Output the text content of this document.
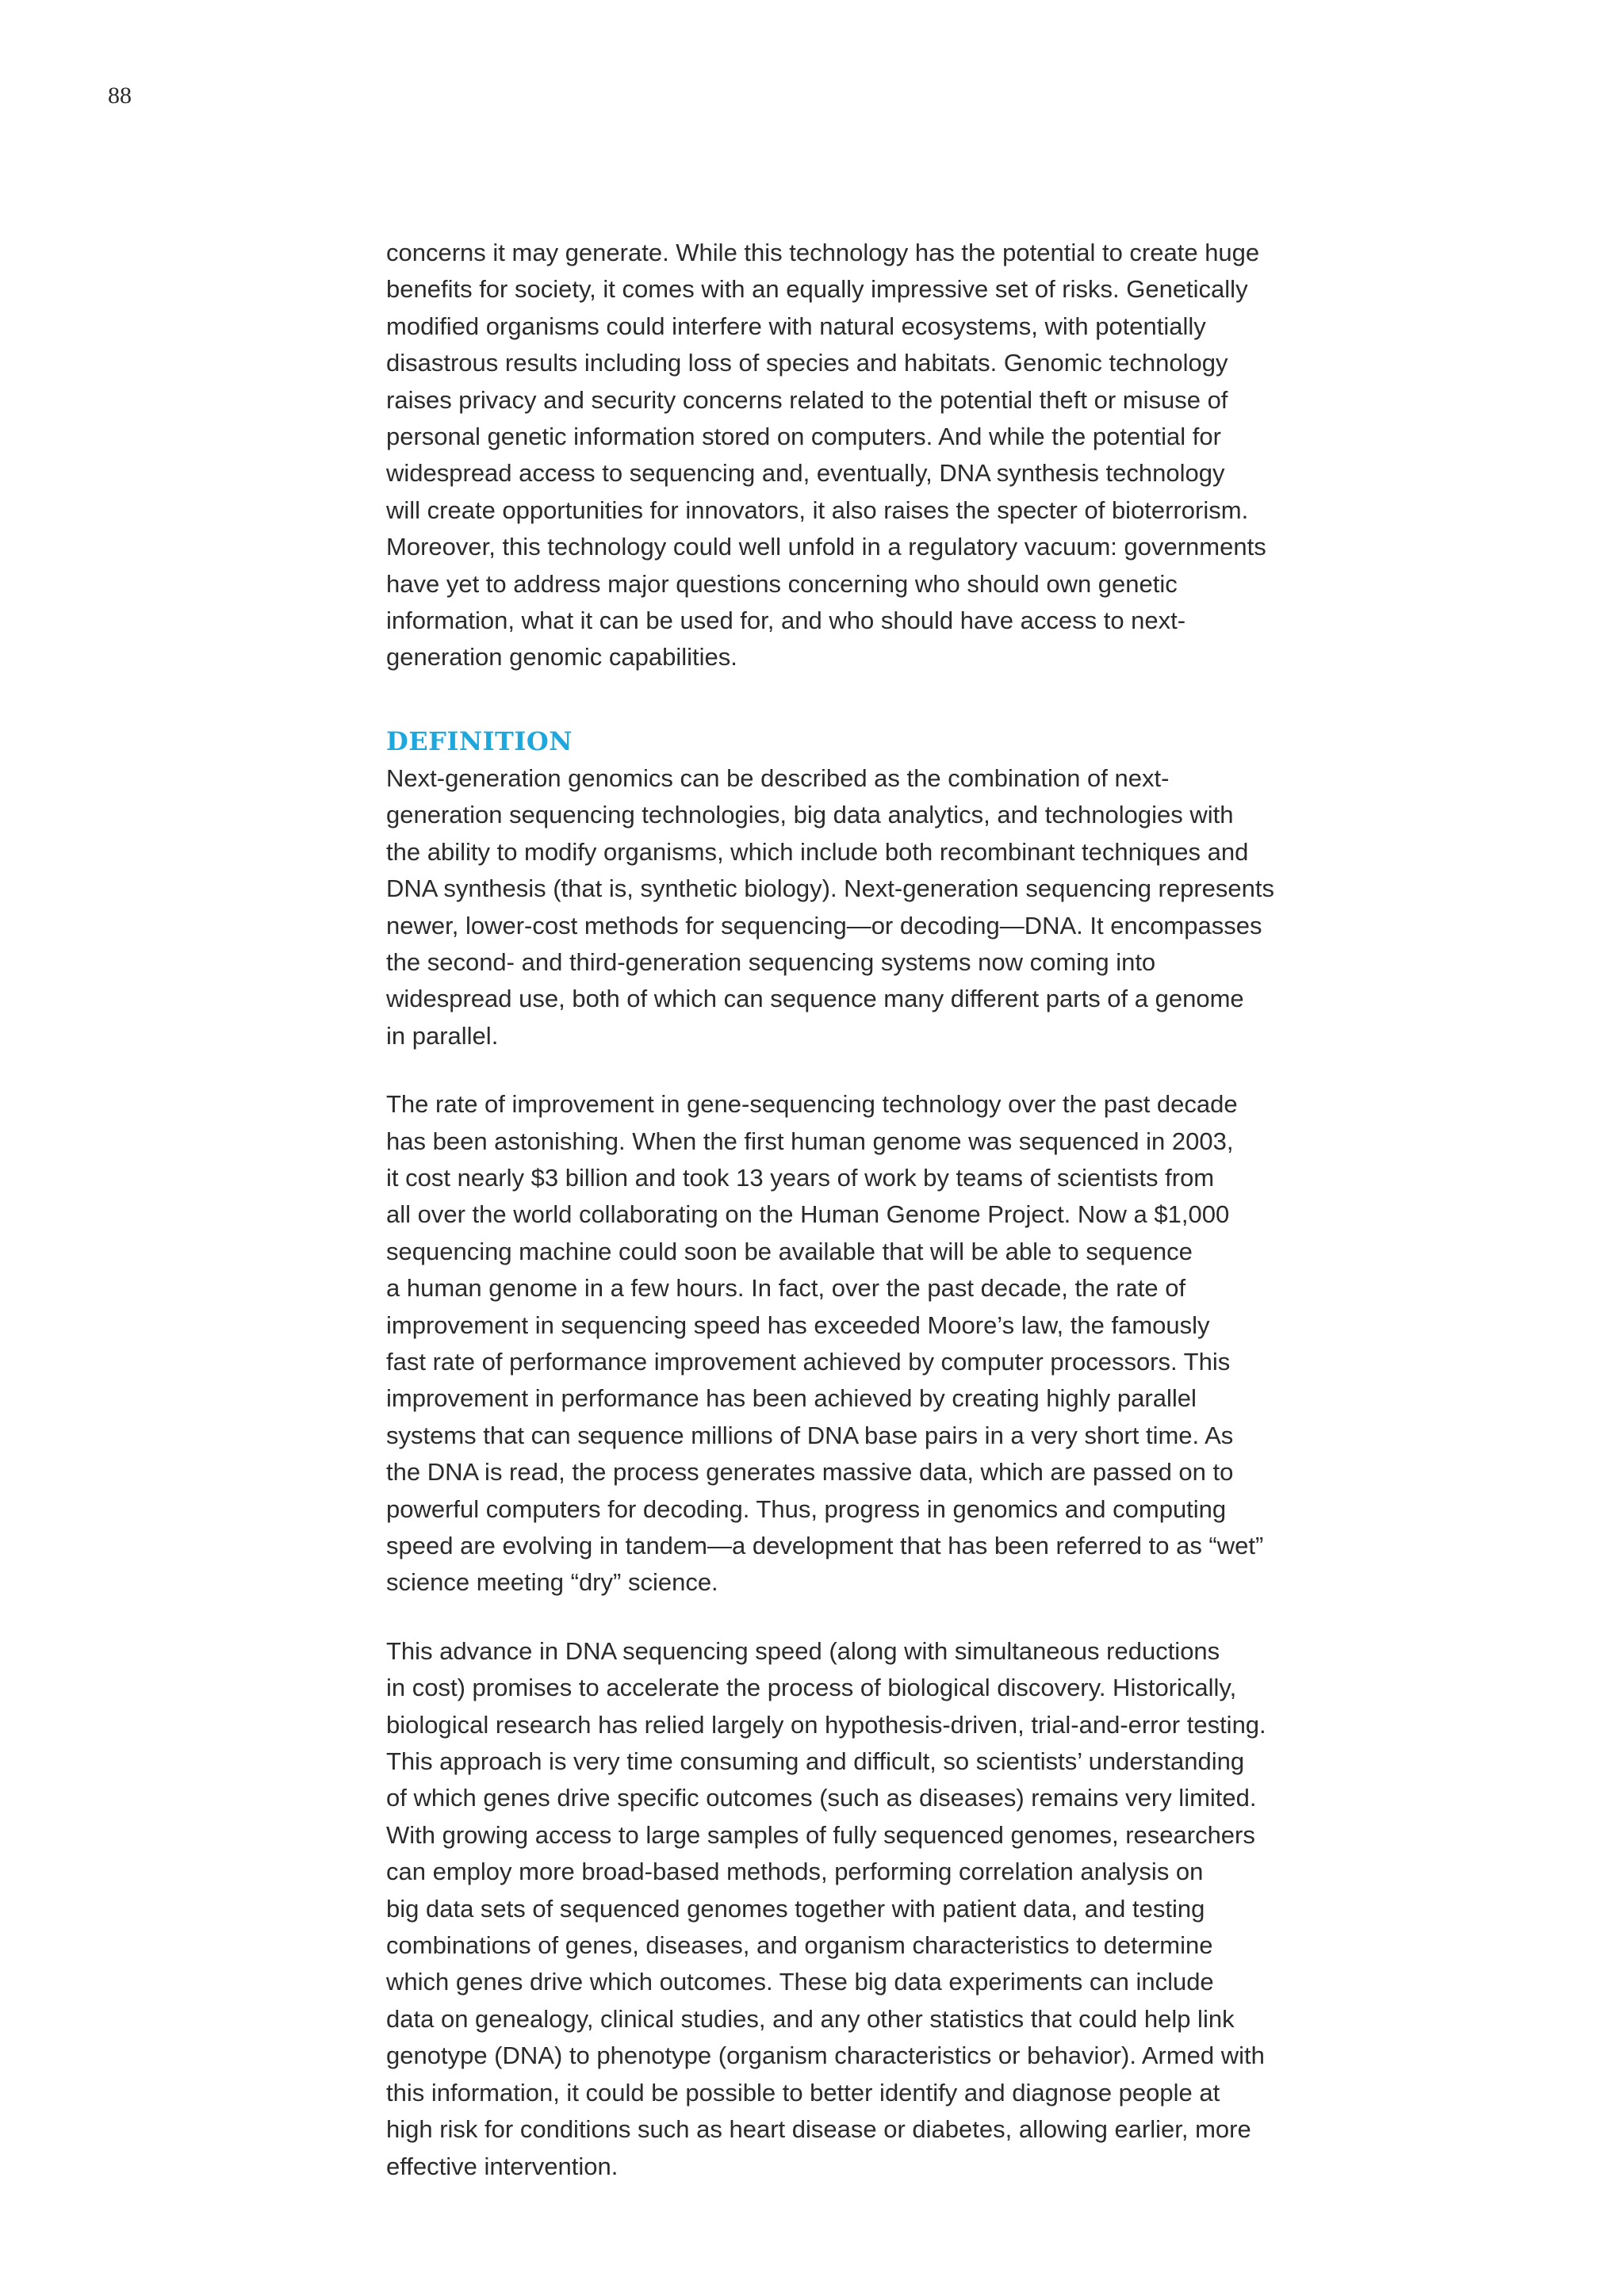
88

concerns it may generate. While this technology has the potential to create huge
benefits for society, it comes with an equally impressive set of risks. Genetically
modified organisms could interfere with natural ecosystems, with potentially
disastrous results including loss of species and habitats. Genomic technology
raises privacy and security concerns related to the potential theft or misuse of
personal genetic information stored on computers. And while the potential for
widespread access to sequencing and, eventually, DNA synthesis technology
will create opportunities for innovators, it also raises the specter of bioterrorism.
Moreover, this technology could well unfold in a regulatory vacuum: governments
have yet to address major questions concerning who should own genetic
information, what it can be used for, and who should have access to next-
generation genomic capabilities.

DEFINITION

Next-generation genomics can be described as the combination of next-
generation sequencing technologies, big data analytics, and technologies with
the ability to modify organisms, which include both recombinant techniques and
DNA synthesis (that is, synthetic biology). Next-generation sequencing represents
newer, lower-cost methods for sequencing—or decoding—DNA. It encompasses
the second- and third-generation sequencing systems now coming into
widespread use, both of which can sequence many different parts of a genome
in parallel.

The rate of improvement in gene-sequencing technology over the past decade
has been astonishing. When the first human genome was sequenced in 2003,
it cost nearly $3 billion and took 13 years of work by teams of scientists from
all over the world collaborating on the Human Genome Project. Now a $1,000
sequencing machine could soon be available that will be able to sequence
a human genome in a few hours. In fact, over the past decade, the rate of
improvement in sequencing speed has exceeded Moore’s law, the famously
fast rate of performance improvement achieved by computer processors. This
improvement in performance has been achieved by creating highly parallel
systems that can sequence millions of DNA base pairs in a very short time. As
the DNA is read, the process generates massive data, which are passed on to
powerful computers for decoding. Thus, progress in genomics and computing
speed are evolving in tandem—a development that has been referred to as “wet”
science meeting “dry” science.

This advance in DNA sequencing speed (along with simultaneous reductions
in cost) promises to accelerate the process of biological discovery. Historically,
biological research has relied largely on hypothesis-driven, trial-and-error testing.
This approach is very time consuming and difficult, so scientists’ understanding
of which genes drive specific outcomes (such as diseases) remains very limited.
With growing access to large samples of fully sequenced genomes, researchers
can employ more broad-based methods, performing correlation analysis on
big data sets of sequenced genomes together with patient data, and testing
combinations of genes, diseases, and organism characteristics to determine
which genes drive which outcomes. These big data experiments can include
data on genealogy, clinical studies, and any other statistics that could help link
genotype (DNA) to phenotype (organism characteristics or behavior). Armed with
this information, it could be possible to better identify and diagnose people at
high risk for conditions such as heart disease or diabetes, allowing earlier, more
effective intervention.
